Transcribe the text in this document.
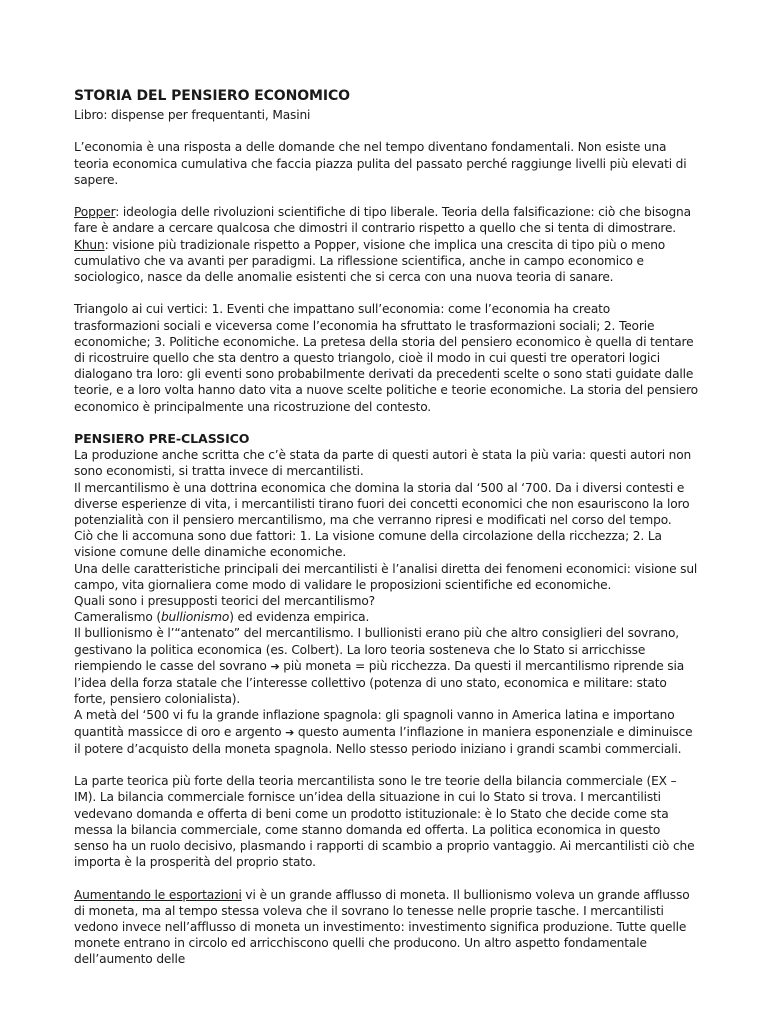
STORIA DEL PENSIERO ECONOMICO

Libro: dispense per frequentanti, Masini

L’economia è una risposta a delle domande che nel tempo diventano fondamentali. Non esiste una teoria economica cumulativa che faccia piazza pulita del passato perché raggiunge livelli più elevati di sapere.

Popper: ideologia delle rivoluzioni scientifiche di tipo liberale. Teoria della falsificazione: ciò che bisogna fare è andare a cercare qualcosa che dimostri il contrario rispetto a quello che si tenta di dimostrare.

Khun: visione più tradizionale rispetto a Popper, visione che implica una crescita di tipo più o meno cumulativo che va avanti per paradigmi. La riflessione scientifica, anche in campo economico e sociologico, nasce da delle anomalie esistenti che si cerca con una nuova teoria di sanare.

Triangolo ai cui vertici: 1. Eventi che impattano sull’economia: come l’economia ha creato trasformazioni sociali e viceversa come l’economia ha sfruttato le trasformazioni sociali; 2. Teorie economiche; 3. Politiche economiche. La pretesa della storia del pensiero economico è quella di tentare di ricostruire quello che sta dentro a questo triangolo, cioè il modo in cui questi tre operatori logici dialogano tra loro: gli eventi sono probabilmente derivati da precedenti scelte o sono stati guidate dalle teorie, e a loro volta hanno dato vita a nuove scelte politiche e teorie economiche. La storia del pensiero economico è principalmente una ricostruzione del contesto.

PENSIERO PRE-CLASSICO

La produzione anche scritta che c’è stata da parte di questi autori è stata la più varia: questi autori non sono economisti, si tratta invece di mercantilisti.

Il mercantilismo è una dottrina economica che domina la storia dal ‘500 al ‘700. Da i diversi contesti e diverse esperienze di vita, i mercantilisti tirano fuori dei concetti economici che non esauriscono la loro potenzialità con il pensiero mercantilismo, ma che verranno ripresi e modificati nel corso del tempo.

Ciò che li accomuna sono due fattori: 1. La visione comune della circolazione della ricchezza; 2. La visione comune delle dinamiche economiche.

Una delle caratteristiche principali dei mercantilisti è l’analisi diretta dei fenomeni economici: visione sul campo, vita giornaliera come modo di validare le proposizioni scientifiche ed economiche.

Quali sono i presupposti teorici del mercantilismo?

Cameralismo (bullionismo) ed evidenza empirica.

Il bullionismo è l’“antenato” del mercantilismo. I bullionisti erano più che altro consiglieri del sovrano, gestivano la politica economica (es. Colbert). La loro teoria sosteneva che lo Stato si arricchisse riempiendo le casse del sovrano ➔ più moneta = più ricchezza. Da questi il mercantilismo riprende sia l’idea della forza statale che l’interesse collettivo (potenza di uno stato, economica e militare: stato forte, pensiero colonialista).

A metà del ‘500 vi fu la grande inflazione spagnola: gli spagnoli vanno in America latina e importano quantità massicce di oro e argento ➔ questo aumenta l’inflazione in maniera esponenziale e diminuisce il potere d’acquisto della moneta spagnola. Nello stesso periodo iniziano i grandi scambi commerciali.

La parte teorica più forte della teoria mercantilista sono le tre teorie della bilancia commerciale (EX – IM). La bilancia commerciale fornisce un’idea della situazione in cui lo Stato si trova. I mercantilisti vedevano domanda e offerta di beni come un prodotto istituzionale: è lo Stato che decide come sta messa la bilancia commerciale, come stanno domanda ed offerta. La politica economica in questo senso ha un ruolo decisivo, plasmando i rapporti di scambio a proprio vantaggio. Ai mercantilisti ciò che importa è la prosperità del proprio stato.

Aumentando le esportazioni vi è un grande afflusso di moneta. Il bullionismo voleva un grande afflusso di moneta, ma al tempo stessa voleva che il sovrano lo tenesse nelle proprie tasche. I mercantilisti vedono invece nell’afflusso di moneta un investimento: investimento significa produzione. Tutte quelle monete entrano in circolo ed arricchiscono quelli che producono. Un altro aspetto fondamentale dell’aumento delle
